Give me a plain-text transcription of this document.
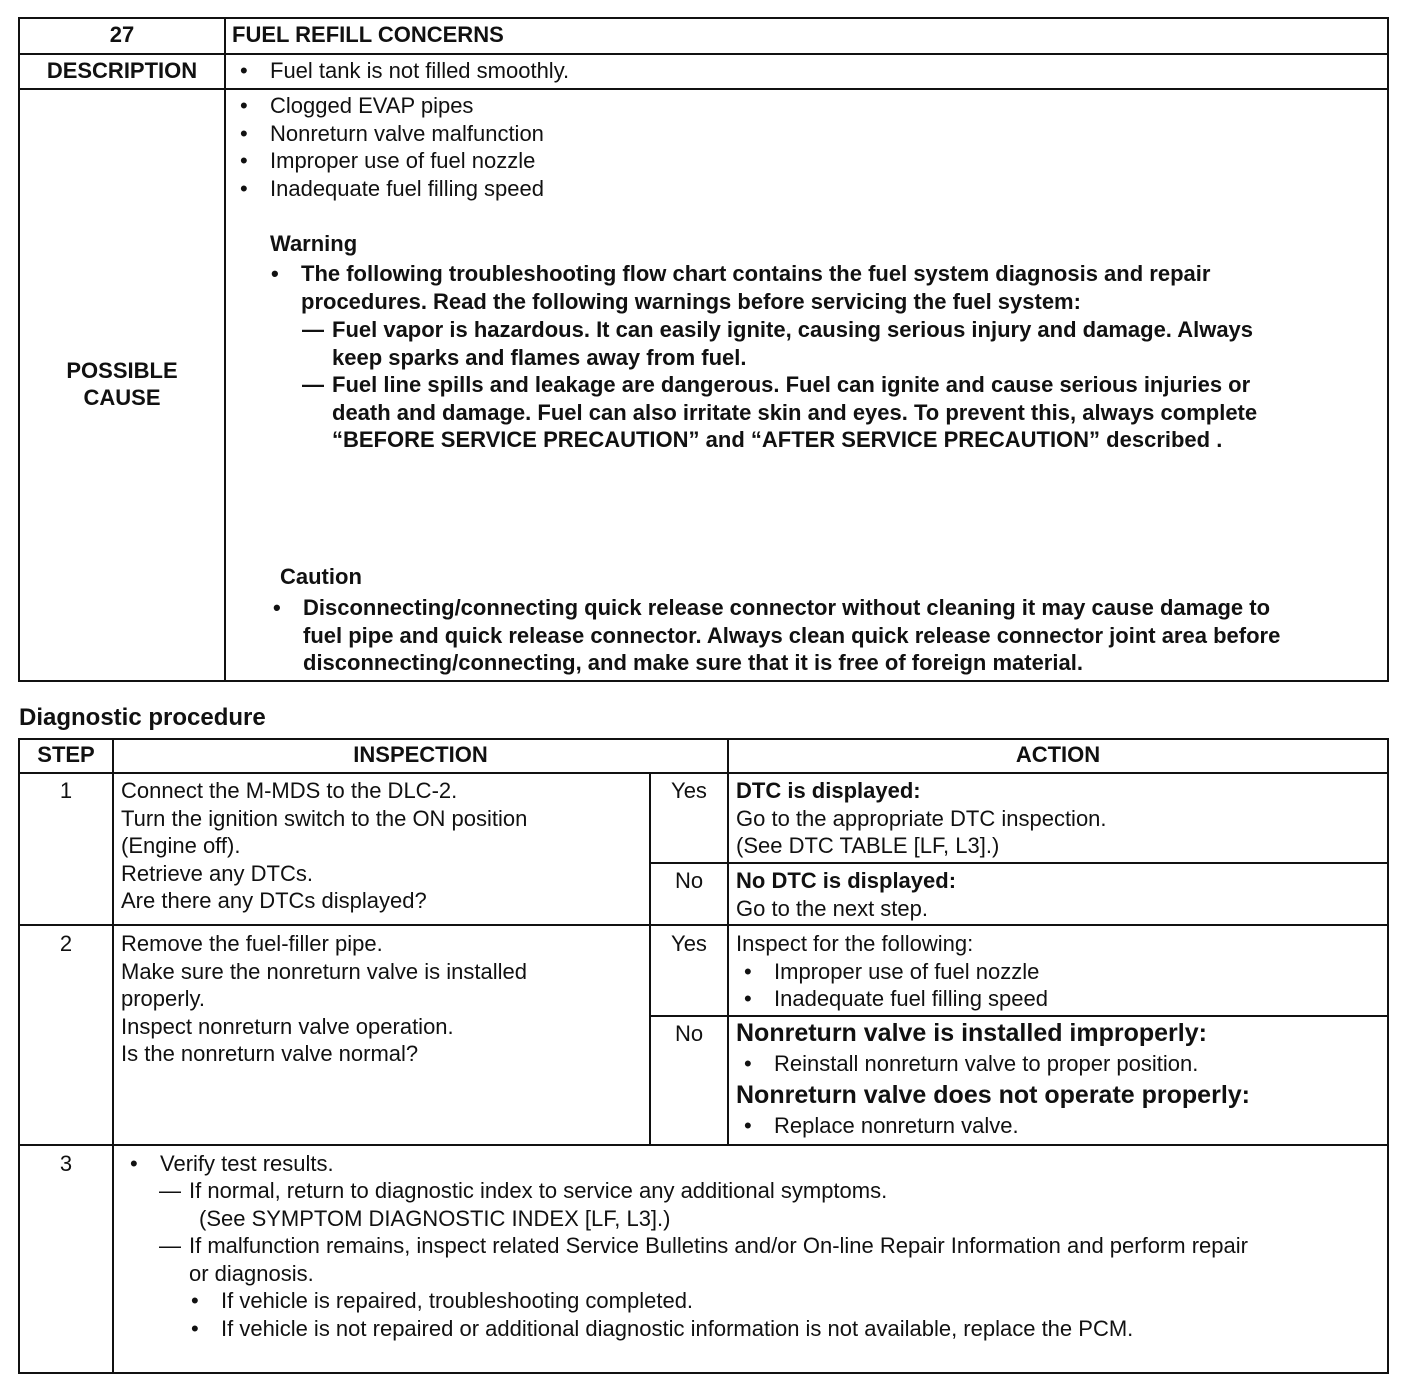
27	FUEL REFILL CONCERNS
DESCRIPTION	• Fuel tank is not filled smoothly.
POSSIBLE
CAUSE
• Clogged EVAP pipes
• Nonreturn valve malfunction
• Improper use of fuel nozzle
• Inadequate fuel filling speed
Warning
• The following troubleshooting flow chart contains the fuel system diagnosis and repair
procedures. Read the following warnings before servicing the fuel system:
— Fuel vapor is hazardous. It can easily ignite, causing serious injury and damage. Always
keep sparks and flames away from fuel.
— Fuel line spills and leakage are dangerous. Fuel can ignite and cause serious injuries or
death and damage. Fuel can also irritate skin and eyes. To prevent this, always complete
“BEFORE SERVICE PRECAUTION” and “AFTER SERVICE PRECAUTION” described .
Caution
• Disconnecting/connecting quick release connector without cleaning it may cause damage to
fuel pipe and quick release connector. Always clean quick release connector joint area before
disconnecting/connecting, and make sure that it is free of foreign material.
Diagnostic procedure
STEP	INSPECTION	ACTION
1	Connect the M-MDS to the DLC-2.
Turn the ignition switch to the ON position
(Engine off).
Retrieve any DTCs.
Are there any DTCs displayed?
Yes	DTC is displayed:
Go to the appropriate DTC inspection.
(See DTC TABLE [LF, L3].)
No	No DTC is displayed:
Go to the next step.
2	Remove the fuel-filler pipe.
Make sure the nonreturn valve is installed
properly.
Inspect nonreturn valve operation.
Is the nonreturn valve normal?
Yes	Inspect for the following:
• Improper use of fuel nozzle
• Inadequate fuel filling speed
No	Nonreturn valve is installed improperly:
• Reinstall nonreturn valve to proper position.
Nonreturn valve does not operate properly:
• Replace nonreturn valve.
3	• Verify test results.
— If normal, return to diagnostic index to service any additional symptoms.
(See SYMPTOM DIAGNOSTIC INDEX [LF, L3].)
— If malfunction remains, inspect related Service Bulletins and/or On-line Repair Information and perform repair
or diagnosis.
• If vehicle is repaired, troubleshooting completed.
• If vehicle is not repaired or additional diagnostic information is not available, replace the PCM.
